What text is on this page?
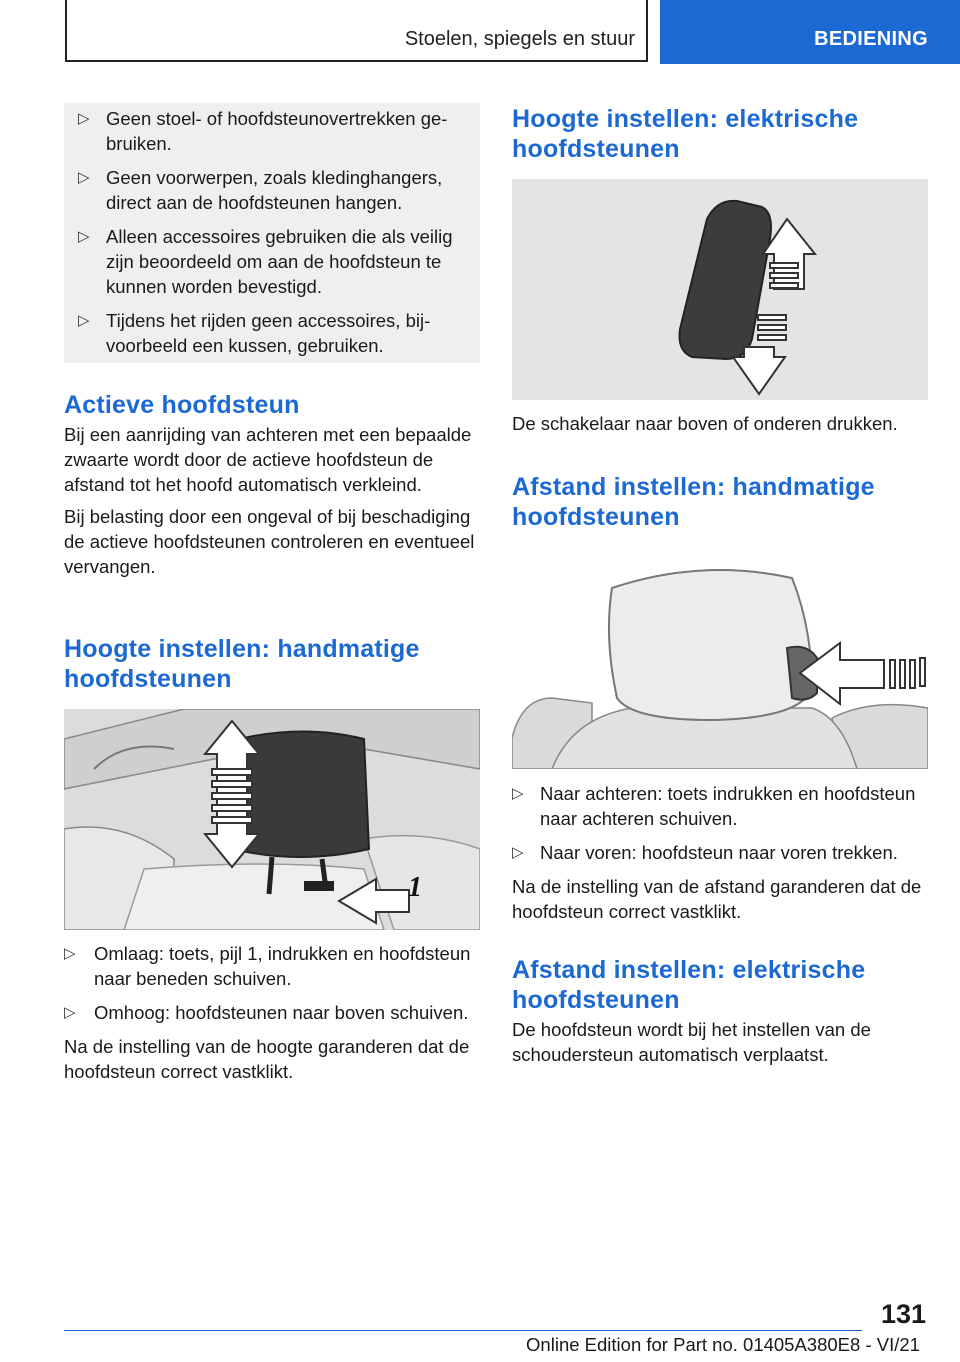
Stoelen, spiegels en stuur	BEDIENING
▷ Geen stoel- of hoofdsteunovertrekken gebruiken.
▷ Geen voorwerpen, zoals kledinghangers, direct aan de hoofdsteunen hangen.
▷ Alleen accessoires gebruiken die als veilig zijn beoordeeld om aan de hoofdsteun te kunnen worden bevestigd.
▷ Tijdens het rijden geen accessoires, bijvoorbeeld een kussen, gebruiken.
Actieve hoofdsteun

Bij een aanrijding van achteren met een bepaalde zwaarte wordt door de actieve hoofdsteun de afstand tot het hoofd automatisch verkleind.

Bij belasting door een ongeval of bij beschadiging de actieve hoofdsteunen controleren en eventueel vervangen.

Hoogte instellen: handmatige hoofdsteunen
1
▷ Omlaag: toets, pijl 1, indrukken en hoofdsteun naar beneden schuiven.
▷ Omhoog: hoofdsteunen naar boven schuiven.

Na de instelling van de hoogte garanderen dat de hoofdsteun correct vastklikt.

Hoogte instellen: elektrische hoofdsteunen

De schakelaar naar boven of onderen drukken.

Afstand instellen: handmatige hoofdsteunen
▷ Naar achteren: toets indrukken en hoofdsteun naar achteren schuiven.
▷ Naar voren: hoofdsteun naar voren trekken.

Na de instelling van de afstand garanderen dat de hoofdsteun correct vastklikt.

Afstand instellen: elektrische hoofdsteunen

De hoofdsteun wordt bij het instellen van de schoudersteun automatisch verplaatst.

131
Online Edition for Part no. 01405A380E8 - VI/21
